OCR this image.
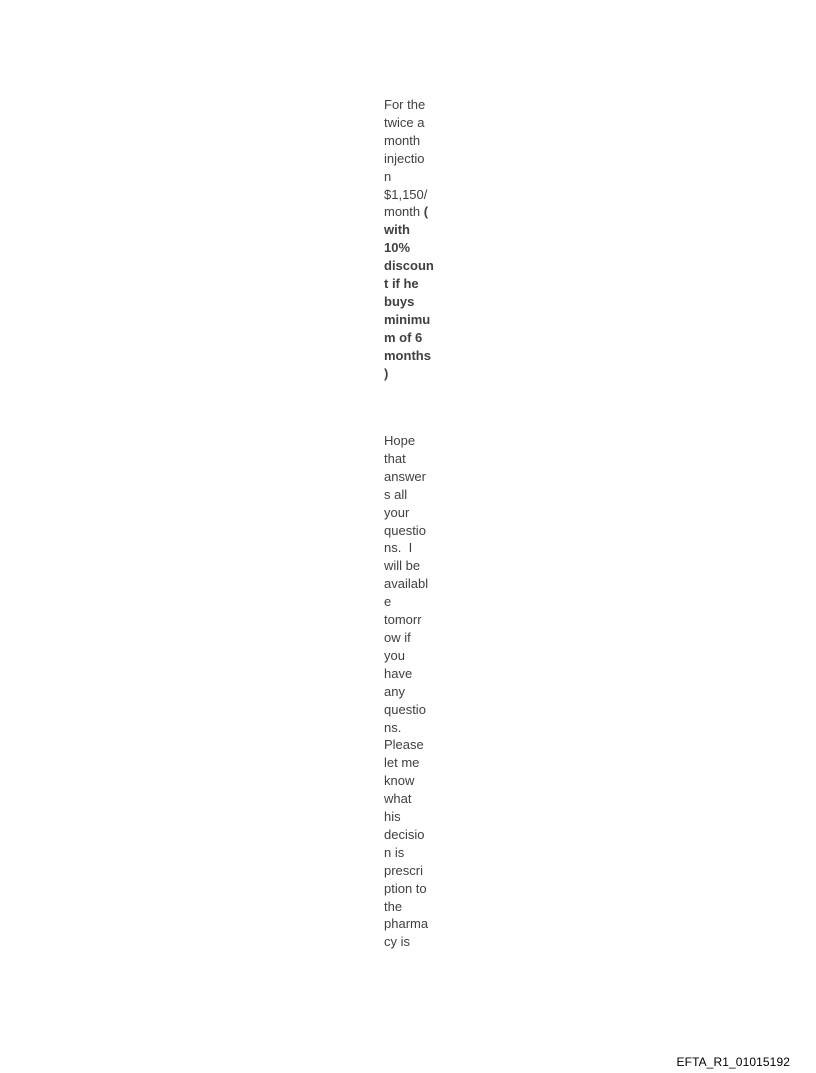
For the
twice a
month
injectio
n
$1,150/
month (
with
10%
discoun
t if he
buys
minimu
m of 6
months
)
Hope
that
answer
s all
your
questio
ns.  I
will be
availabl
e
tomorr
ow if
you
have
any
questio
ns.
Please
let me
know
what
his
decisio
n is
prescri
ption to
the
pharma
cy is
EFTA_R1_01015192
